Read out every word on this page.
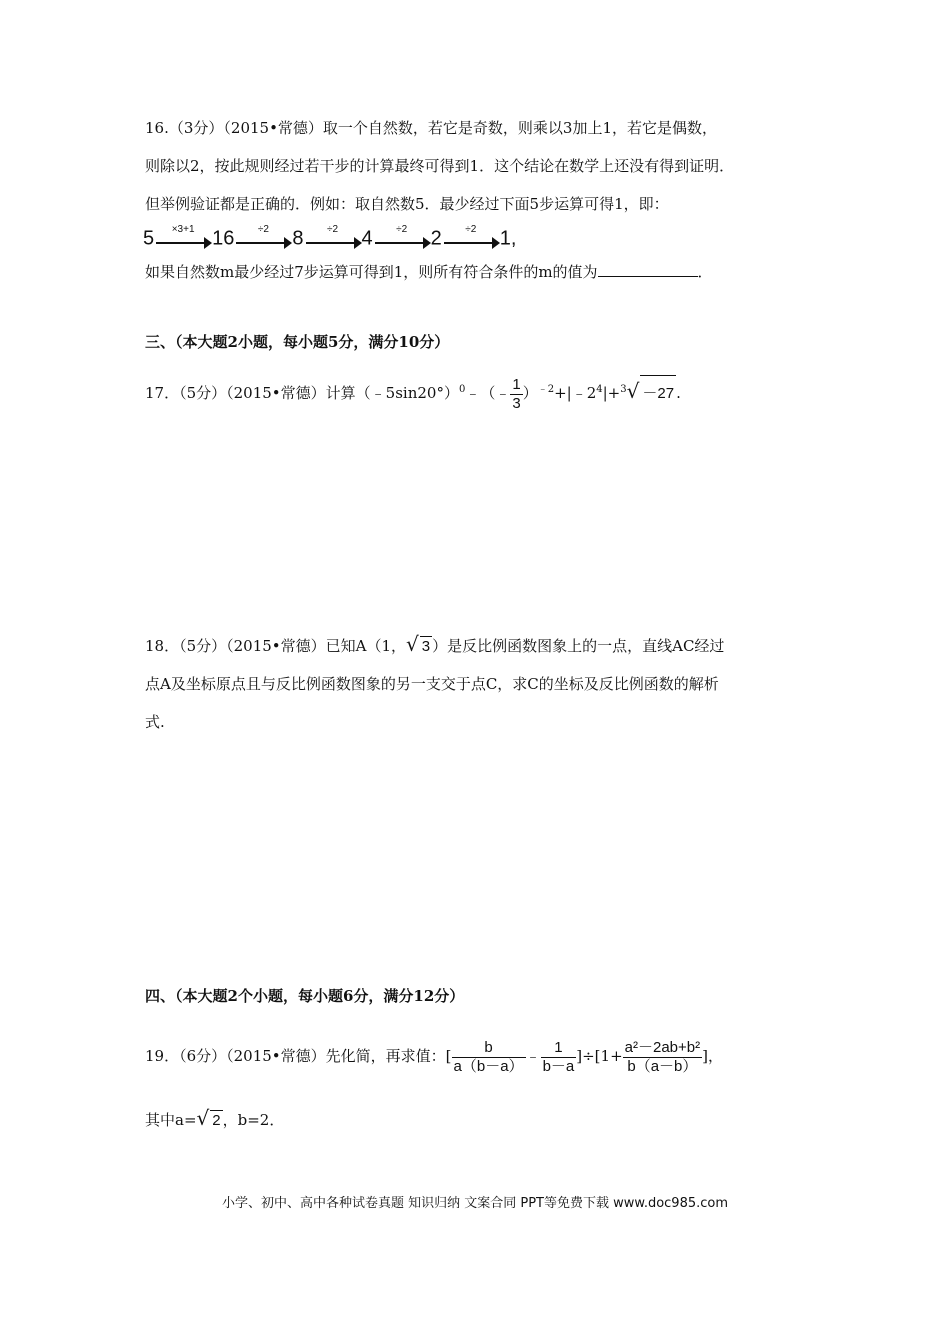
16.（3分）（2015•常德）取一个自然数，若它是奇数，则乘以3加上1，若它是偶数，
则除以2，按此规则经过若干步的计算最终可得到1．这个结论在数学上还没有得到证明．
但举例验证都是正确的．例如：取自然数5．最少经过下面5步运算可得1，即：
5	×3+1 16	÷2	8	÷2	4	÷2	2	÷2	1,
如果自然数m最少经过7步运算可得到1，则所有符合条件的m的值为	．
三、（本大题2小题，每小题5分，满分10分）
17．（5分）（2015•常德）计算（﹣5sin20°）$^0$﹣（﹣ $\frac{1}{3}$ ）$^{﹣2}+|﹣2^4|+^3√ -27$ .
18．（5分）（2015•常德）已知A（1，√ 3 ）是反比例函数图象上的一点，直线AC经过
点A及坐标原点且与反比例函数图象的另一支交于点C，求C的坐标及反比例函数的解析
式.
四、（本大题2个小题，每小题6分，满分12分）
19．（6分）（2015•常德）先化简，再求值：[ $\frac{b}{a(b-a)}$ ﹣ $\frac{1}{b-a} ]\div[1+ \frac{\text{a²－2ab+b²}}{b(a-b)}$ ]，
其中a=√ 2 ，b=2．
小学、初中、高中各种试卷真题 知识归纳 文案合同 PPT等免费下载 www.doc985.com
